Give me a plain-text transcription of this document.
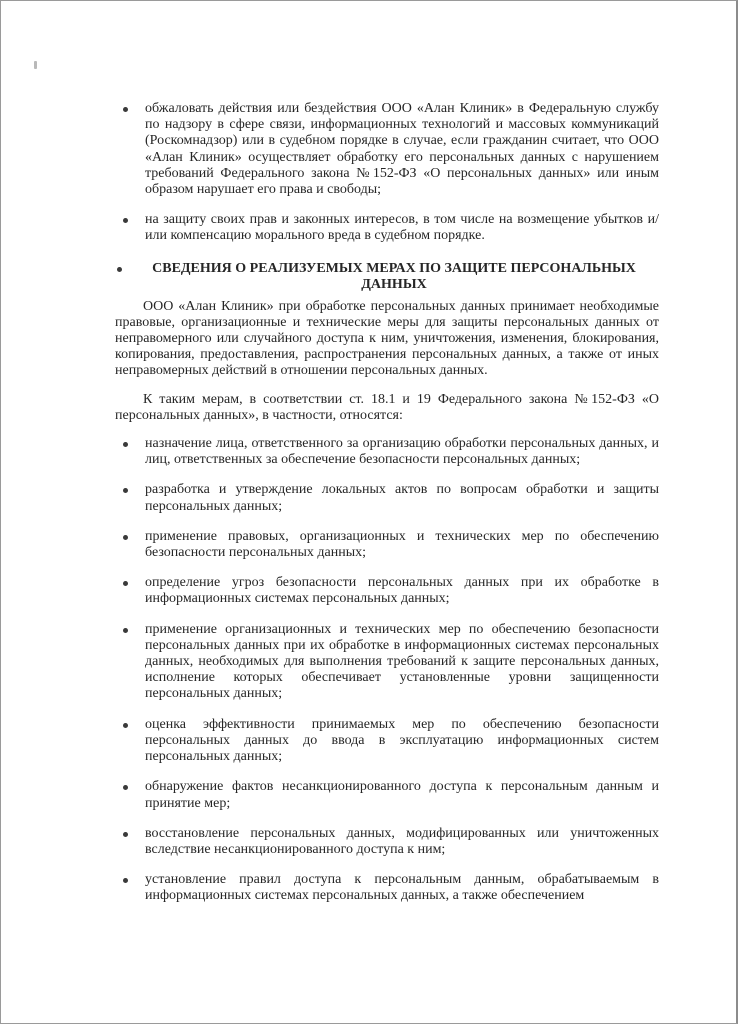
обжаловать действия или бездействия ООО «Алан Клиник» в Федеральную службу по надзору в сфере связи, информационных технологий и массовых коммуникаций (Роскомнадзор) или в судебном порядке в случае, если гражданин считает, что ООО «Алан Клиник» осуществляет обработку его персональных данных с нарушением требований Федерального закона №152-ФЗ «О персональных данных» или иным образом нарушает его права и свободы;
на защиту своих прав и законных интересов, в том числе на возмещение убытков и/или компенсацию морального вреда в судебном порядке.
СВЕДЕНИЯ О РЕАЛИЗУЕМЫХ МЕРАХ ПО ЗАЩИТЕ ПЕРСОНАЛЬНЫХ ДАННЫХ

ООО «Алан Клиник» при обработке персональных данных принимает необходимые правовые, организационные и технические меры для защиты персональных данных от неправомерного или случайного доступа к ним, уничтожения, изменения, блокирования, копирования, предоставления, распространения персональных данных, а также от иных неправомерных действий в отношении персональных данных.

К таким мерам, в соответствии ст. 18.1 и 19 Федерального закона №152-ФЗ «О персональных данных», в частности, относятся:

назначение лица, ответственного за организацию обработки персональных данных, и лиц, ответственных за обеспечение безопасности персональных данных;
разработка и утверждение локальных актов по вопросам обработки и защиты персональных данных;
применение правовых, организационных и технических мер по обеспечению безопасности персональных данных;
определение угроз безопасности персональных данных при их обработке в информационных системах персональных данных;
применение организационных и технических мер по обеспечению безопасности персональных данных при их обработке в информационных системах персональных данных, необходимых для выполнения требований к защите персональных данных, исполнение которых обеспечивает установленные уровни защищенности персональных данных;
оценка эффективности принимаемых мер по обеспечению безопасности персональных данных до ввода в эксплуатацию информационных систем персональных данных;
обнаружение фактов несанкционированного доступа к персональным данным и принятие мер;
восстановление персональных данных, модифицированных или уничтоженных вследствие несанкционированного доступа к ним;
установление правил доступа к персональным данным, обрабатываемым в информационных системах персональных данных, а также обеспечением
